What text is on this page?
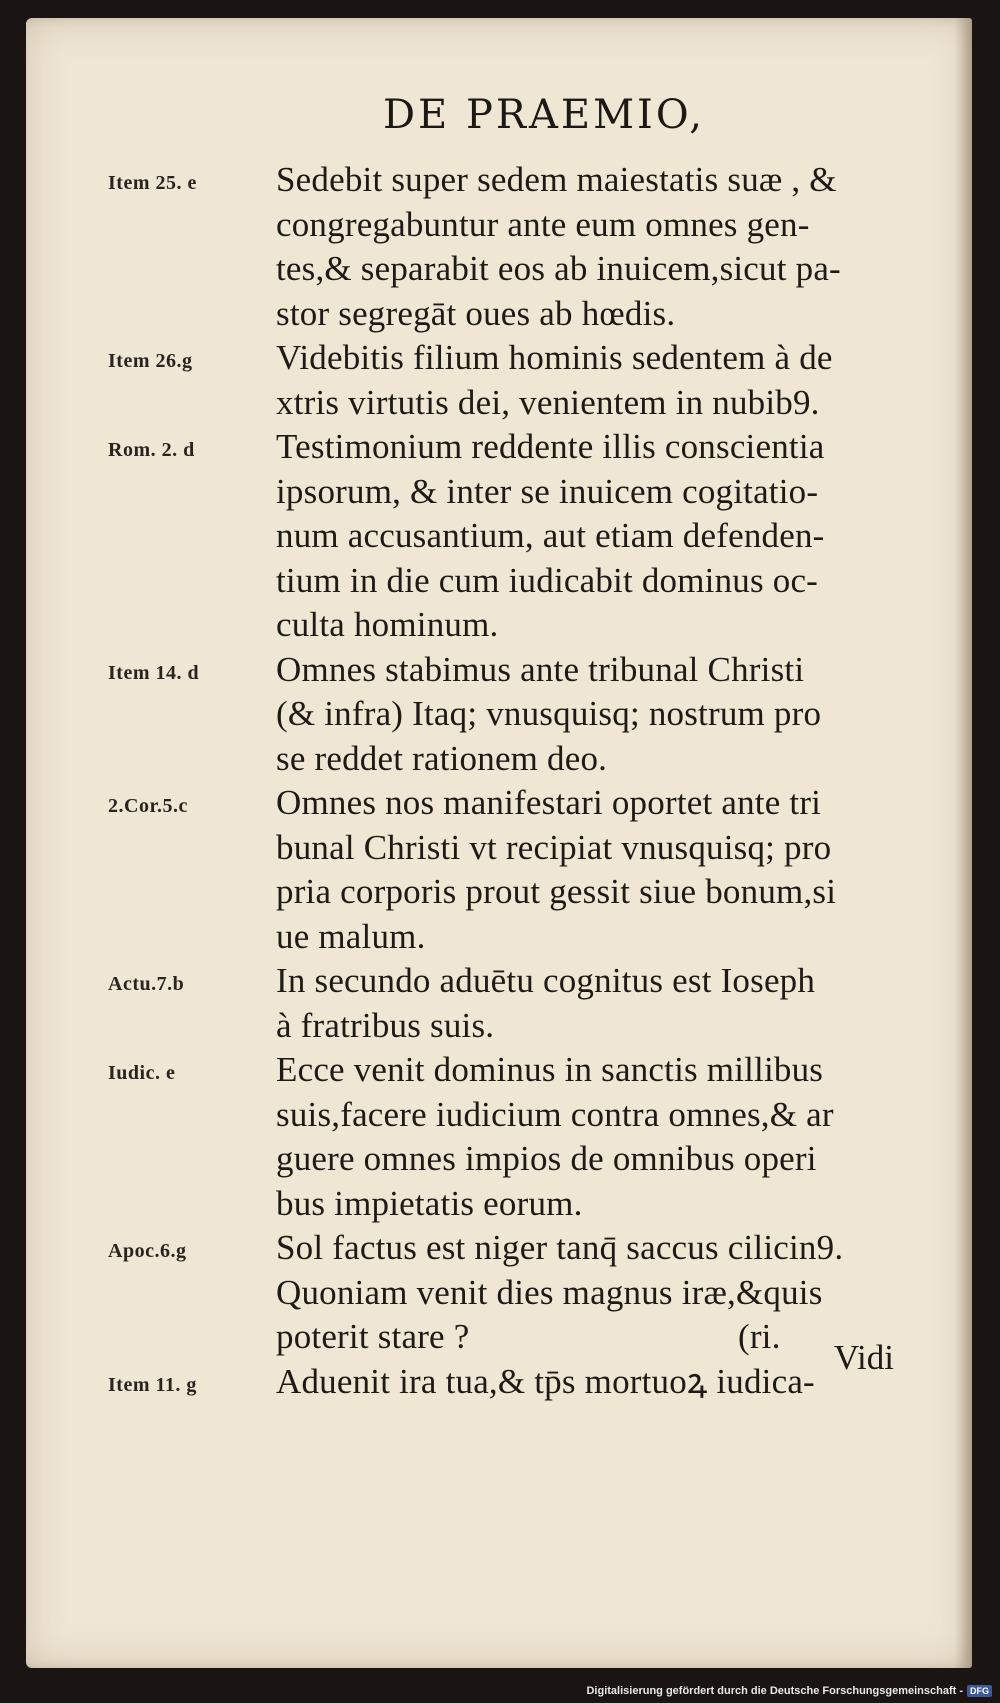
DE PRAEMIO,
Item 25. e	Sedebit super sedem maiestatis suæ , &
congregabuntur ante eum omnes gen-
tes,& separabit eos ab inuicem,sicut pa-
stor segregāt oues ab hœdis.
Item 26.g	Videbitis filium hominis sedentem à de
xtris virtutis dei, venientem in nubib9.
Rom. 2. d	Testimonium reddente illis conscientia
ipsorum, & inter se inuicem cogitatio-
num accusantium, aut etiam defenden-
tium in die cum iudicabit dominus oc-
culta hominum.
Item 14. d	Omnes stabimus ante tribunal Christi
(& infra) Itaq; vnusquisq; nostrum pro
se reddet rationem deo.
2.Cor.5.c	Omnes nos manifestari oportet ante tri
bunal Christi vt recipiat vnusquisq; pro
pria corporis prout gessit siue bonum,si
ue malum.
Actu.7.b	In secundo aduētu cognitus est Ioseph
à fratribus suis.
Iudic. e	Ecce venit dominus in sanctis millibus
suis,facere iudicium contra omnes,& ar
guere omnes impios de omnibus operi
bus impietatis eorum.
Apoc.6.g	Sol factus est niger tanq̄ saccus cilicin9.
Quoniam venit dies magnus iræ,&quis
poterit stare ?                              (ri.
Item 11. g	Aduenit ira tua,& tp̄s mortuoꝝ iudica-
Vidi
Digitalisierung gefördert durch die Deutsche Forschungsgemeinschaft - DFG
